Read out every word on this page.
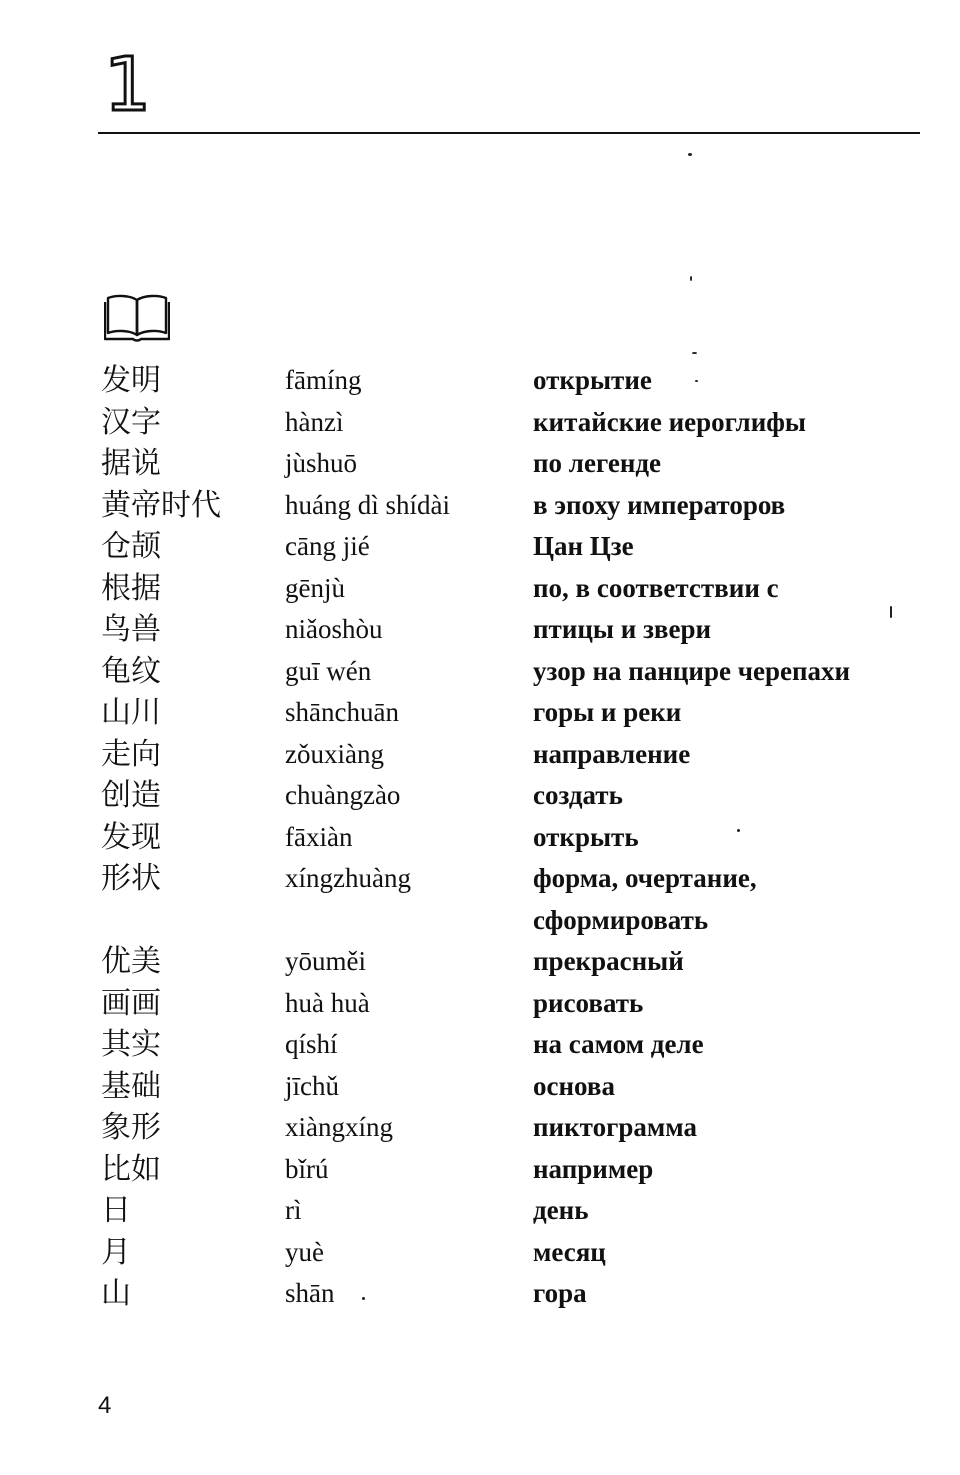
1
发明	fāmíng	открытие
汉字	hànzì	китайские иероглифы
据说	jùshuō	по легенде
黄帝时代 huáng dì shídài	в эпоху императоров
仓颉	cāng jié	Цан Цзе
根据	gēnjù	по, в соответствии с
鸟兽	niǎoshòu	птицы и звери
龟纹	guī wén	узор на панцире черепахи
山川	shānchuān	горы и реки
走向	zǒuxiàng	направление
创造	chuàngzào	создать
发现	fāxiàn	открыть
形状	xíngzhuàng	форма, очертание, сформировать
优美	yōuměi	прекрасный
画画	huà huà	рисовать
其实	qíshí	на самом деле
基础	jīchǔ	основа
象形	xiàngxíng	пиктограмма
比如	bǐrú	например
日	rì	день
月	yuè	месяц
山	shān	гора
4
